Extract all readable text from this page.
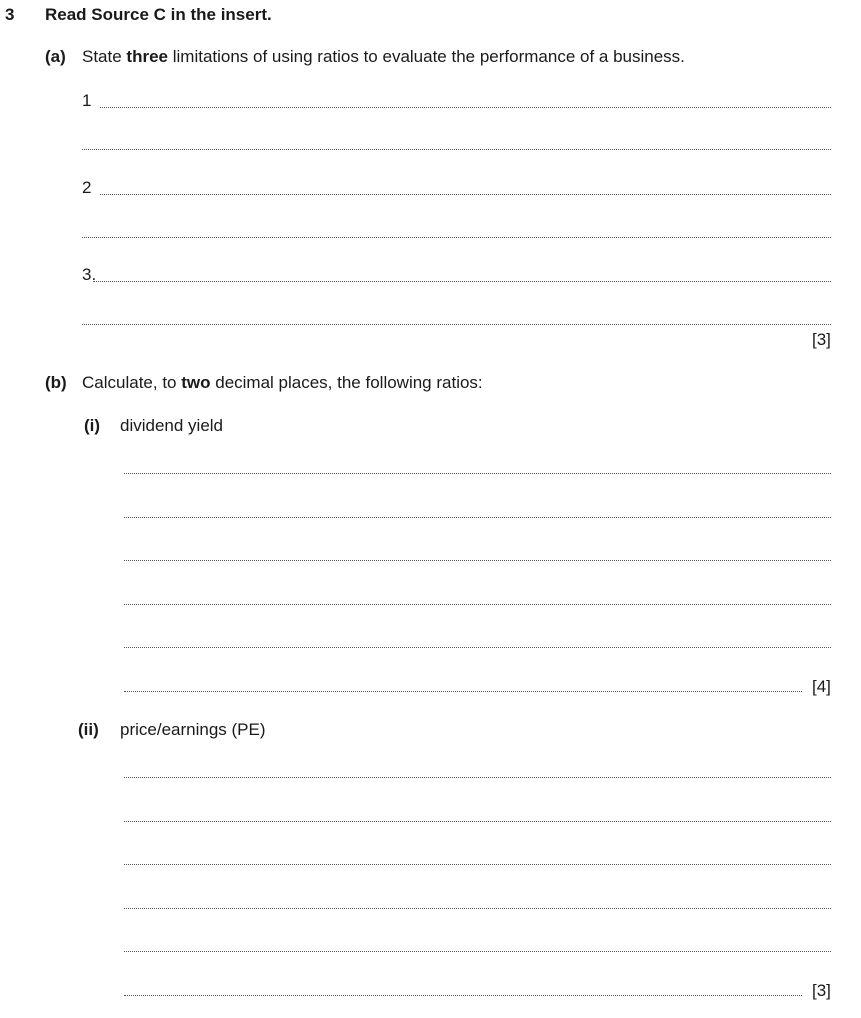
3 Read Source C in the insert.
(a) State three limitations of using ratios to evaluate the performance of a business.
1
2
3.
[3]
(b) Calculate, to two decimal places, the following ratios:
(i) dividend yield
[4]
(ii) price/earnings (PE)
[3]
